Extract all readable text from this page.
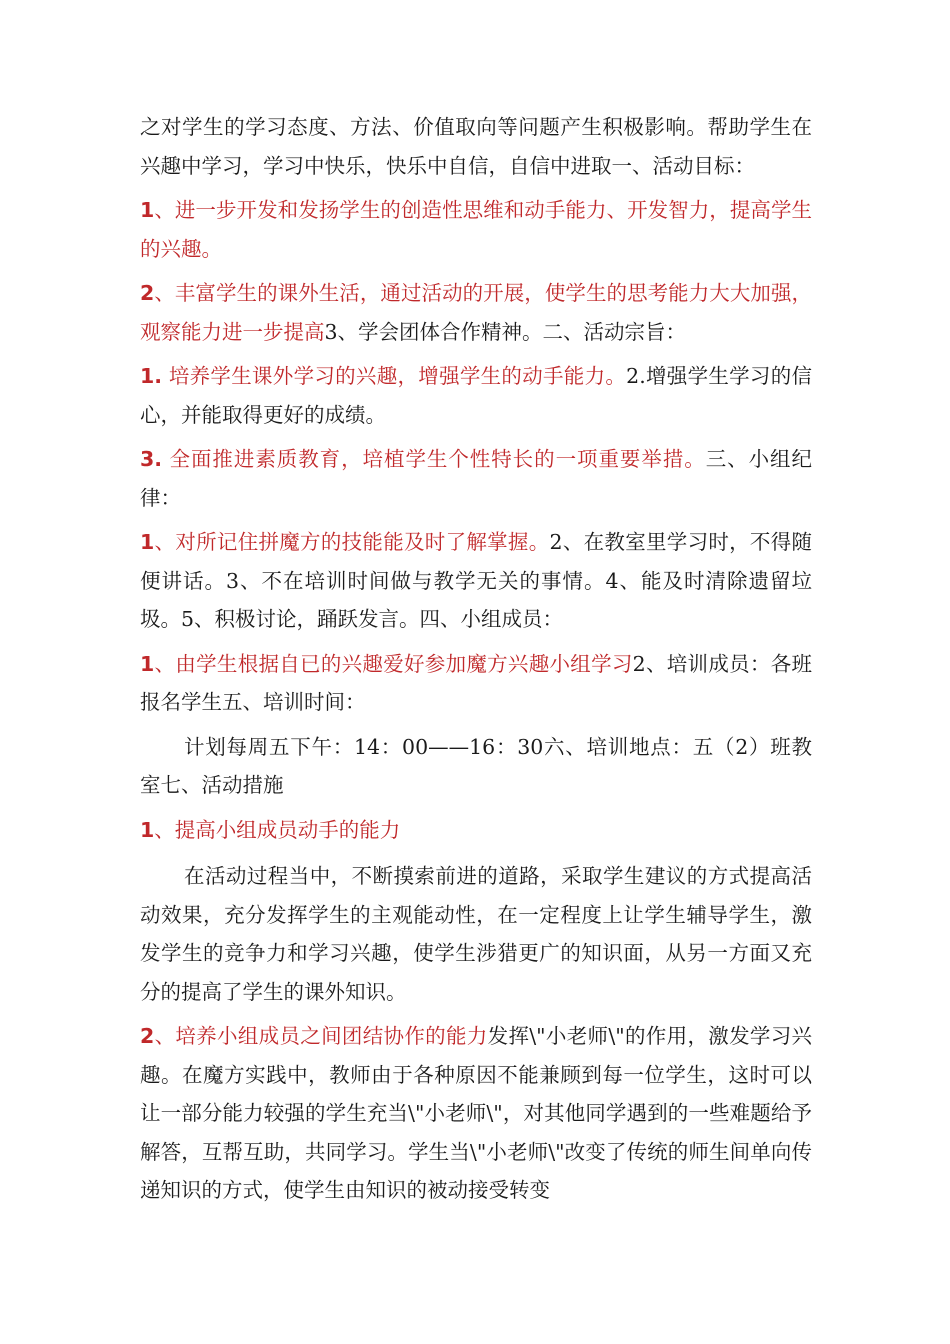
之对学生的学习态度、方法、价值取向等问题产生积极影响。帮助学生在兴趣中学习，学习中快乐，快乐中自信，自信中进取一、活动目标：

1、进一步开发和发扬学生的创造性思维和动手能力、开发智力，提高学生的兴趣。

2、丰富学生的课外生活，通过活动的开展，使学生的思考能力大大加强，观察能力进一步提高3、学会团体合作精神。二、活动宗旨：

1. 培养学生课外学习的兴趣，增强学生的动手能力。2.增强学生学习的信心，并能取得更好的成绩。

3. 全面推进素质教育，培植学生个性特长的一项重要举措。三、小组纪律：

1、对所记住拼魔方的技能能及时了解掌握。2、在教室里学习时，不得随便讲话。3、不在培训时间做与教学无关的事情。4、能及时清除遗留垃圾。5、积极讨论，踊跃发言。四、小组成员：

1、由学生根据自已的兴趣爱好参加魔方兴趣小组学习2、培训成员：各班报名学生五、培训时间：

计划每周五下午：14：00——16：30六、培训地点：五（2）班教室七、活动措施

1、提高小组成员动手的能力

在活动过程当中，不断摸索前进的道路，采取学生建议的方式提高活动效果，充分发挥学生的主观能动性，在一定程度上让学生辅导学生，激发学生的竞争力和学习兴趣，使学生涉猎更广的知识面，从另一方面又充分的提高了学生的课外知识。

2、培养小组成员之间团结协作的能力发挥\"小老师\"的作用，激发学习兴趣。在魔方实践中，教师由于各种原因不能兼顾到每一位学生，这时可以让一部分能力较强的学生充当\"小老师\"，对其他同学遇到的一些难题给予解答，互帮互助，共同学习。学生当\"小老师\"改变了传统的师生间单向传递知识的方式，使学生由知识的被动接受转变
